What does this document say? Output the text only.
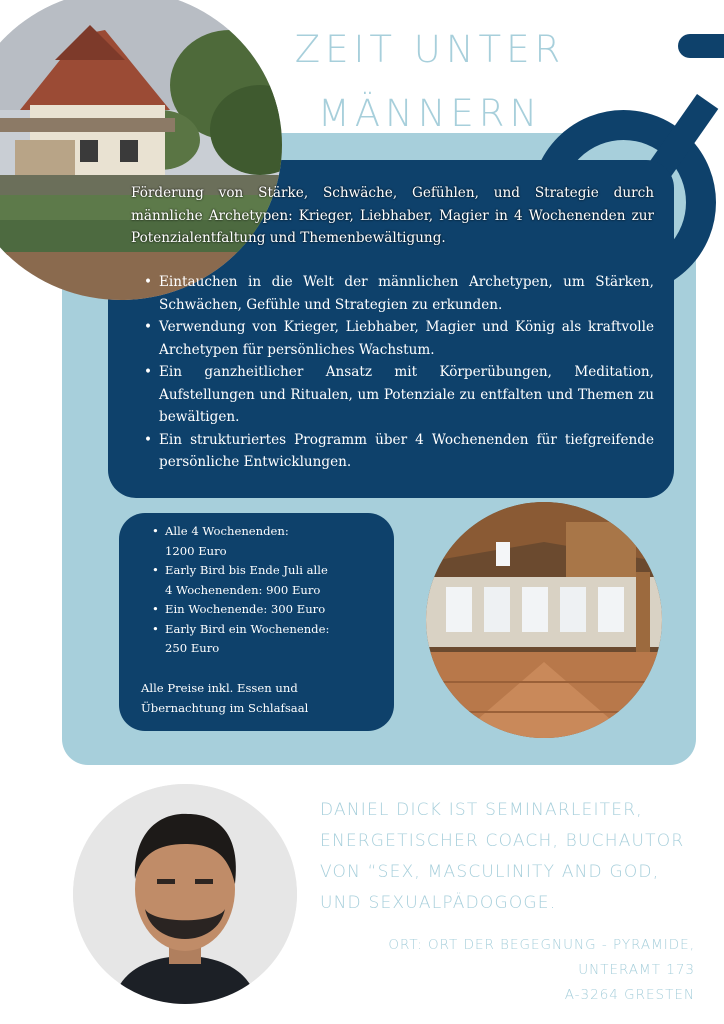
ZEIT UNTER
MÄNNERN

Förderung von Stärke, Schwäche, Gefühlen, und Strategie durch männliche Archetypen: Krieger, Liebhaber, Magier in 4 Wochenenden zur Potenzialentfaltung und Themenbewältigung.

• Eintauchen in die Welt der männlichen Archetypen, um Stärken, Schwächen, Gefühle und Strategien zu erkunden.
• Verwendung von Krieger, Liebhaber, Magier und König als kraftvolle Archetypen für persönliches Wachstum.
• Ein ganzheitlicher Ansatz mit Körperübungen, Meditation, Aufstellungen und Ritualen, um Potenziale zu entfalten und Themen zu bewältigen.
• Ein strukturiertes Programm über 4 Wochenenden für tiefgreifende persönliche Entwicklungen.
• Alle 4 Wochenenden:
1200 Euro
• Early Bird bis Ende Juli alle
4 Wochenenden: 900 Euro
• Ein Wochenende: 300 Euro
• Early Bird ein Wochenende:
250 Euro

Alle Preise inkl. Essen und
Übernachtung im Schlafsaal

DANIEL DICK IST SEMINARLEITER, ENERGETISCHER COACH, BUCHAUTOR VON “SEX, MASCULINITY AND GOD, UND SEXUALPÄDOGOGE.

ORT: ORT DER BEGEGNUNG - PYRAMIDE,
UNTERAMT 173
A-3264 GRESTEN
